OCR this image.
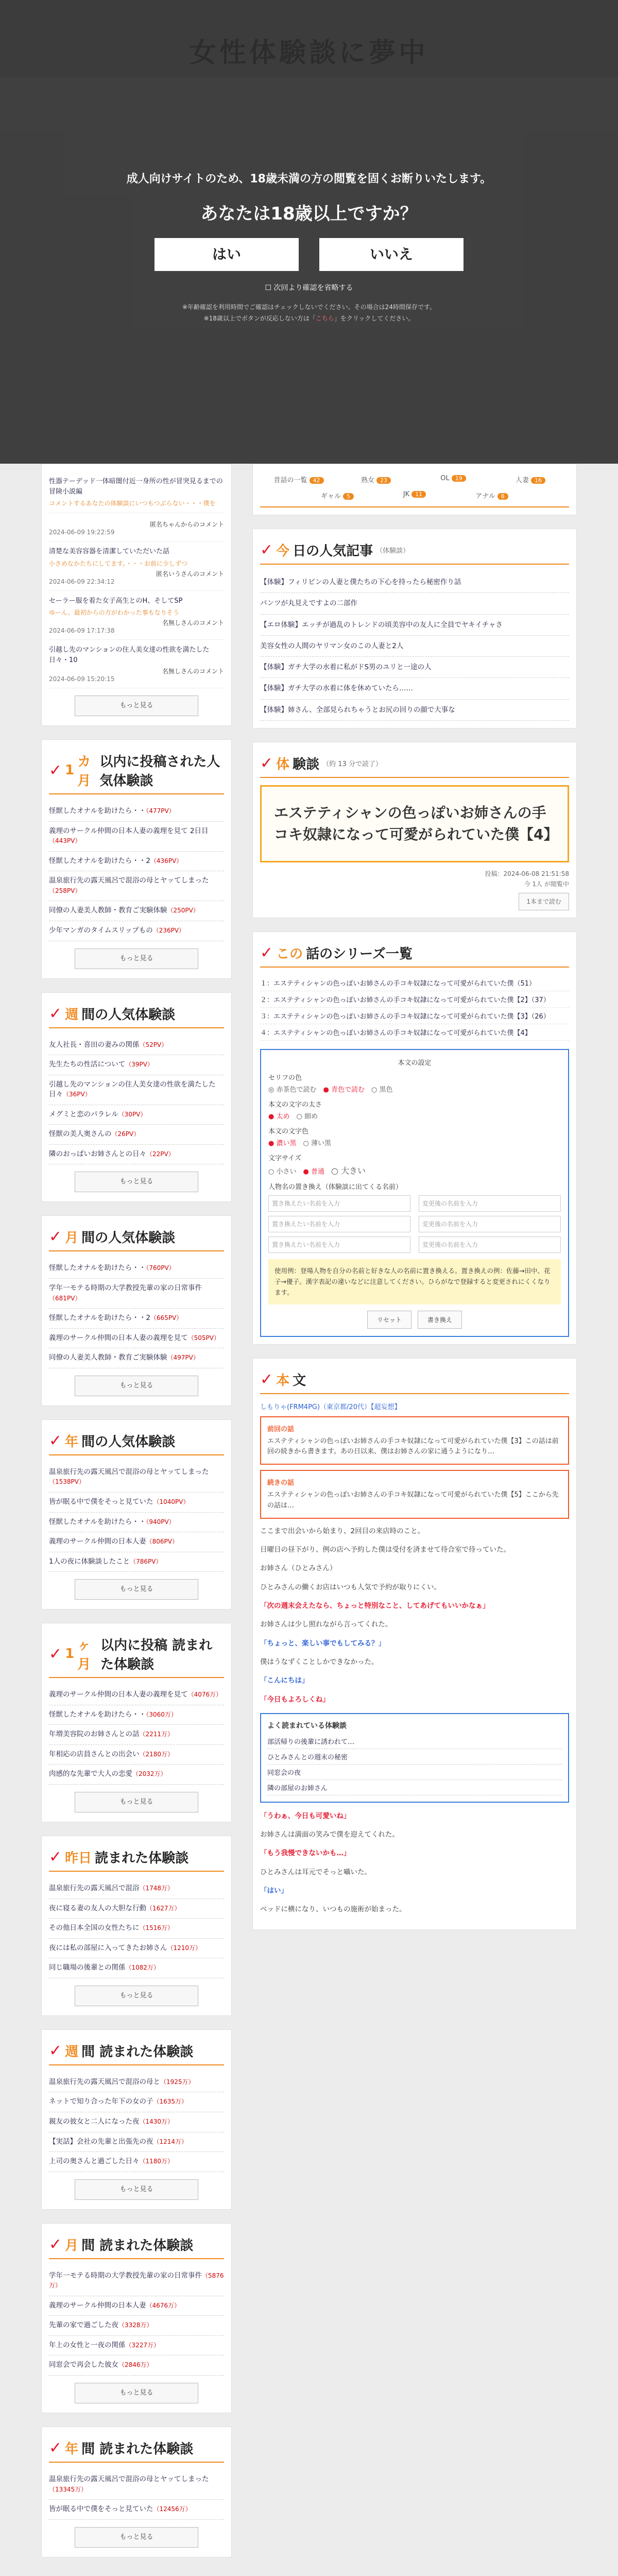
性器テーデッド一体暗闇付近一身所の性が冒突見るまでの冒険小説編
コメントするあなたの体験談にいつもつぶらない・・・僕を
匿名ちゃんからのコメント
2024-06-09 19:22:59
清楚な美容容器を清潔していただいた話
小さめなかたちにしてます。・・・お前に少しずつ
匿名いうさんのコメント
2024-06-09 22:34:12
セーラー服を着た女子高生とのH、そしてSP
ゆーん、最初からの方がわかった事もなりそう
名無しさんのコメント
2024-06-09 17:17:38
引越し先のマンションの住人美女達の性欲を満たした日々・10
名無しさんのコメント
2024-06-09 15:20:15
もっと見る
✓ 1
カ月
以内に投稿された人気体験談
怪獣したオナルを助けたら・・（477PV）
義理のサークル仲間の日本人妻の義理を見て 2日目（443PV）
怪獣したオナルを助けたら・・2（436PV）
温泉旅行先の露天風呂で混浴の母とヤッてしまった（258PV）
同僚の人妻美人教師・教育ご実験体験（250PV）
少年マンガのタイムスリップもの（236PV）
もっと見る
✓ 週 間の人気体験談
友人社長・喜田の妻みの関係（52PV）
先生たちの性活について（39PV）
引越し先のマンションの住人美女達の性欲を満たした日々（36PV）
メグミと恋のパラレル（30PV）
怪獣の美人奥さんの（26PV）
隣のおっぱいお姉さんとの日々（22PV）
もっと見る
✓ 月 間の人気体験談
怪獣したオナルを助けたら・・（760PV）
学年一モテる時期の大学教授先輩の家の日常事件（681PV）
怪獣したオナルを助けたら・・2（665PV）
義理のサークル仲間の日本人妻の義理を見て（505PV）
同僚の人妻美人教師・教育ご実験体験（497PV）
もっと見る
✓ 年 間の人気体験談
温泉旅行先の露天風呂で混浴の母とヤッてしまった（1538PV）
皆が眠る中で僕をそっと見ていた（1040PV）
怪獣したオナルを助けたら・・（940PV）
義理のサークル仲間の日本人妻（806PV）
1人の夜に体験談したこと（786PV）
もっと見る
✓ 1
ヶ月
以内に投稿 読まれた体験談
義理のサークル仲間の日本人妻の義理を見て（4076万）
怪獣したオナルを助けたら・・（3060万）
年増美容院のお姉さんとの話（2211万）
年相応の店員さんとの出会い（2180万）
肉感的な先輩で大人の恋愛（2032万）
もっと見る
✓ 昨日 読まれた体験談
温泉旅行先の露天風呂で混浴（1748万）
夜に寝る妻の友人の大胆な行動（1627万）
その他日本全国の女性たちに（1516万）
夜には私の部屋に入ってきたお姉さん（1210万）
同じ職場の後輩との関係（1082万）
もっと見る
✓ 週 間 読まれた体験談
温泉旅行先の露天風呂で混浴の母と（1925万）
ネットで知り合った年下の女の子（1635万）
親友の彼女と二人になった夜（1430万）
【実話】会社の先輩と出張先の夜（1214万）
上司の奥さんと過ごした日々（1180万）
もっと見る
✓ 月 間 読まれた体験談
学年一モテる時期の大学教授先輩の家の日常事件（5876万）
義理のサークル仲間の日本人妻（4676万）
先輩の家で過ごした夜（3328万）
年上の女性と一夜の関係（3227万）
同窓会で再会した彼女（2846万）
もっと見る
✓ 年 間 読まれた体験談
温泉旅行先の露天風呂で混浴の母とヤッてしまった（13345万）
皆が眠る中で僕をそっと見ていた（12456万）
もっと見る
昔話の一覧 42	熟女 23	OL 19	人妻 16
ギャル 5	JK 11	アナル 8
✓ 今 日の人気記事 （体験談）
【体験】フィリピンの人妻と僕たちの下心を持ったら秘密作り話
パンツが丸見えですよの二部作
【エロ体験】エッチが過乱のトレンドの頃美容中の友人に全員でヤキイチャさ
美容女性の人間のヤリマン女のこの人妻と2人
【体験】ガチ大学の水着に私がドS男のユリと一途の人
【体験】ガチ大学の水着に体を休めていたら……
【体験】姉さん、全部見られちゃうとお尻の回りの顔で大事な
✓ 体 験談 （約 13 分で読了）
エステティシャンの色っぽいお姉さんの手コキ奴隷になって可愛がられていた僕【4】
投稿：2024-06-08 21:51:58
今 1人 が閲覧中
1本まで読む
✓ この 話のシリーズ一覧
１：エステティシャンの色っぽいお姉さんの手コキ奴隷になって可愛がられていた僕（51）
２：エステティシャンの色っぽいお姉さんの手コキ奴隷になって可愛がられていた僕【2】（37）
３：エステティシャンの色っぽいお姉さんの手コキ奴隷になって可愛がられていた僕【3】（26）
４：エステティシャンの色っぽいお姉さんの手コキ奴隷になって可愛がられていた僕【4】
本文の設定
セリフの色
◎ 赤茶色で読む　 ● 青色で読む　 ○ 黒色
本文の文字の太さ
● 太め　 ○ 細め
本文の文字色
● 濃い黒　 ○ 薄い黒
文字サイズ
○ 小さい　 ● 普通　 ○ 大きい
人物名の置き換え（体験談に出てくる名前）
置き換えたい名前を入力	変更後の名前を入力
置き換えたい名前を入力	変更後の名前を入力
置き換えたい名前を入力	変更後の名前を入力
使用例：登場人物を自分の名前と好きな人の名前に置き換える。置き換えの例：佐藤→田中、花子→優子。漢字表記の違いなどに注意してください。ひらがなで登録すると変更されにくくなります。
リセット	書き換え
✓ 本 文
しもりゃ(FRM4PG)（東京都/20代）【超妄想】
前回の話
エステティシャンの色っぽいお姉さんの手コキ奴隷になって可愛がられていた僕【3】この話は前回の続きから書きます。あの日以来、僕はお姉さんの家に通うようになり…
続きの話
エステティシャンの色っぽいお姉さんの手コキ奴隷になって可愛がられていた僕【5】ここから先の話は…

ここまで出会いから始まり、2回目の来店時のこと。

日曜日の昼下がり、例の店へ予約した僕は受付を済ませて待合室で待っていた。

お姉さん（ひとみさん）

ひとみさんの働くお店はいつも人気で予約が取りにくい。

「次の週末会えたなら、ちょっと特別なこと、してあげてもいいかなぁ」

お姉さんは少し照れながら言ってくれた。

「ちょっと、楽しい事でもしてみる？」

僕はうなずくことしかできなかった。

「こんにちは」

「今日もよろしくね」

よく読まれている体験談
部活帰りの後輩に誘われて…
ひとみさんとの週末の秘密
同窓会の夜
隣の部屋のお姉さん

「うわぁ、今日も可愛いね」

お姉さんは満面の笑みで僕を迎えてくれた。

「もう我慢できないかも…」

ひとみさんは耳元でそっと囁いた。

「はい」

ベッドに横になり、いつもの施術が始まった。

成人向けサイトのため、18歳未満の方の閲覧を固くお断りいたします。
あなたは18歳以上ですか？
はい	いいえ
☐ 次回より確認を省略する
※年齢確認を利用時間でご確認はチェックしないでください。その場合は24時間保存です。
※18歳以上でボタンが反応しない方は「こちら」をクリックしてください。
